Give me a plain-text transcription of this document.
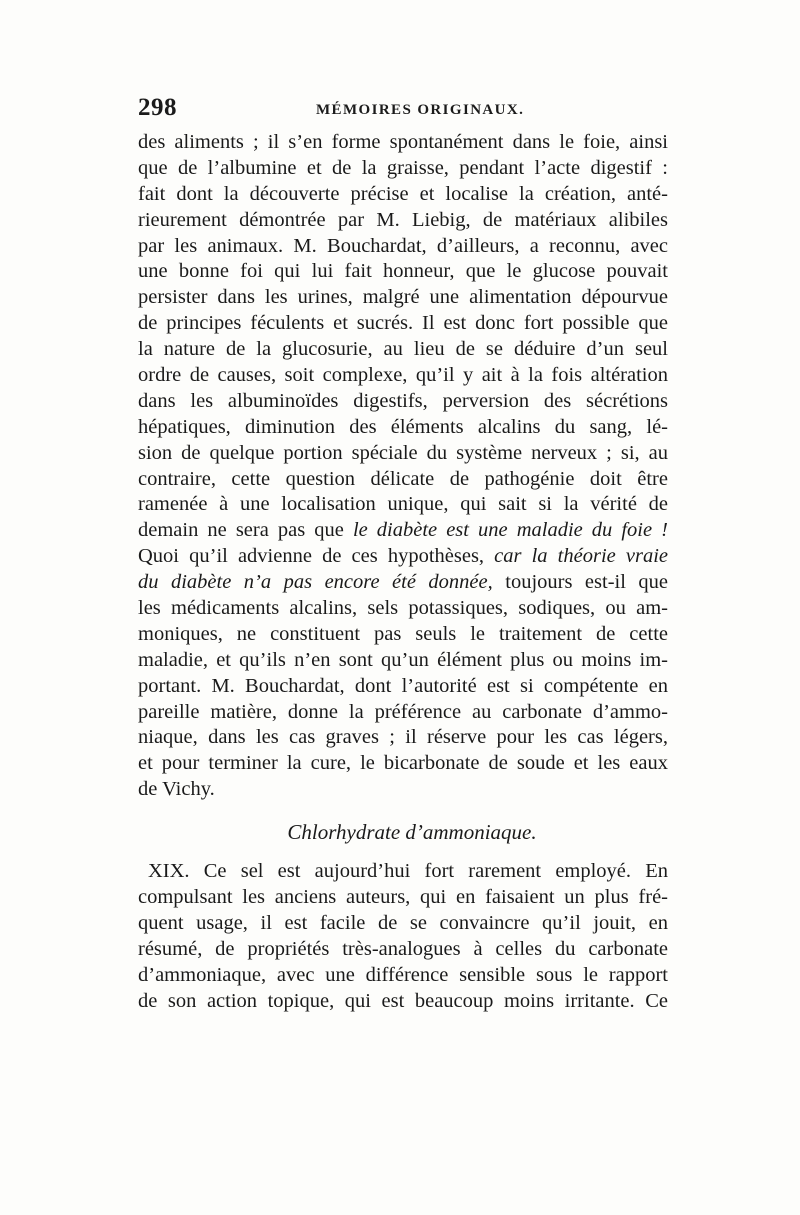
298	MÉMOIRES ORIGINAUX.
des aliments ; il s’en forme spontanément dans le foie, ainsi
que de l’albumine et de la graisse, pendant l’acte digestif :
fait dont la découverte précise et localise la création, anté-
rieurement démontrée par M. Liebig, de matériaux alibiles
par les animaux. M. Bouchardat, d’ailleurs, a reconnu, avec
une bonne foi qui lui fait honneur, que le glucose pouvait
persister dans les urines, malgré une alimentation dépourvue
de principes féculents et sucrés. Il est donc fort possible que
la nature de la glucosurie, au lieu de se déduire d’un seul
ordre de causes, soit complexe, qu’il y ait à la fois altération
dans les albuminoïdes digestifs, perversion des sécrétions
hépatiques, diminution des éléments alcalins du sang, lé-
sion de quelque portion spéciale du système nerveux ; si, au
contraire, cette question délicate de pathogénie doit être
ramenée à une localisation unique, qui sait si la vérité de
demain ne sera pas que le diabète est une maladie du foie !
Quoi qu’il advienne de ces hypothèses, car la théorie vraie
du diabète n’a pas encore été donnée, toujours est-il que
les médicaments alcalins, sels potassiques, sodiques, ou am-
moniques, ne constituent pas seuls le traitement de cette
maladie, et qu’ils n’en sont qu’un élément plus ou moins im-
portant. M. Bouchardat, dont l’autorité est si compétente en
pareille matière, donne la préférence au carbonate d’ammo-
niaque, dans les cas graves ; il réserve pour les cas légers,
et pour terminer la cure, le bicarbonate de soude et les eaux
de Vichy.
Chlorhydrate d’ammoniaque.
XIX. Ce sel est aujourd’hui fort rarement employé. En
compulsant les anciens auteurs, qui en faisaient un plus fré-
quent usage, il est facile de se convaincre qu’il jouit, en
résumé, de propriétés très-analogues à celles du carbonate
d’ammoniaque, avec une différence sensible sous le rapport
de son action topique, qui est beaucoup moins irritante. Ce
